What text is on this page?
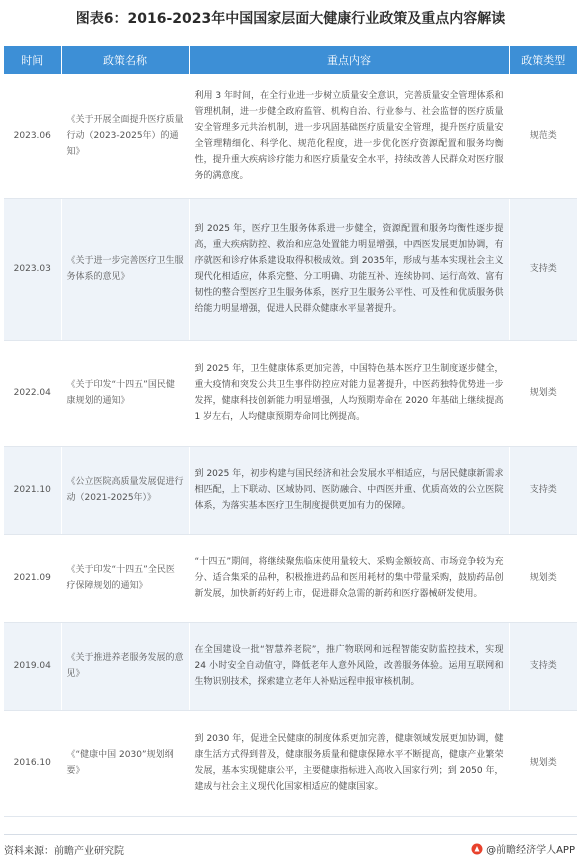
图表6：2016-2023年中国国家层面大健康行业政策及重点内容解读
时间	政策名称	重点内容	政策类型
2023.06	《关于开展全面提升医疗质量行动（2023-2025年）的通知》	利用 3 年时间，在全行业进一步树立质量安全意识，完善质量安全管理体系和管理机制，进一步健全政府监管、机构自治、行业参与、社会监督的医疗质量安全管理多元共治机制，进一步巩固基础医疗质量安全管理，提升医疗质量安全管理精细化、科学化、规范化程度，进一步优化医疗资源配置和服务均衡性，提升重大疾病诊疗能力和医疗质量安全水平，持续改善人民群众对医疗服务的满意度。	规范类
2023.03	《关于进一步完善医疗卫生服务体系的意见》	到 2025 年，医疗卫生服务体系进一步健全，资源配置和服务均衡性逐步提高，重大疾病防控、救治和应急处置能力明显增强，中西医发展更加协调，有序就医和诊疗体系建设取得积极成效。到 2035年，形成与基本实现社会主义现代化相适应，体系完整、分工明确、功能互补、连续协同、运行高效、富有韧性的整合型医疗卫生服务体系，医疗卫生服务公平性、可及性和优质服务供给能力明显增强，促进人民群众健康水平显著提升。	支持类
2022.04	《关于印发“十四五”国民健康规划的通知》	到 2025 年，卫生健康体系更加完善，中国特色基本医疗卫生制度逐步健全，重大疫情和突发公共卫生事件防控应对能力显著提升，中医药独特优势进一步发挥，健康科技创新能力明显增强，人均预期寿命在 2020 年基础上继续提高 1 岁左右，人均健康预期寿命同比例提高。	规划类
2021.10	《公立医院高质量发展促进行动（2021-2025年）》	到 2025 年，初步构建与国民经济和社会发展水平相适应，与居民健康新需求相匹配，上下联动、区域协同、医防融合、中西医并重、优质高效的公立医院体系，为落实基本医疗卫生制度提供更加有力的保障。	支持类
2021.09	《关于印发“十四五”全民医疗保障规划的通知》	“十四五”期间，将继续聚焦临床使用量较大、采购金额较高、市场竞争较为充分、适合集采的品种，积极推进药品和医用耗材的集中带量采购，鼓励药品创新发展，加快新药好药上市，促进群众急需的新药和医疗器械研发使用。	规划类
2019.04	《关于推进养老服务发展的意见》	在全国建设一批“智慧养老院”，推广物联网和远程智能安防监控技术，实现 24 小时安全自动值守，降低老年人意外风险，改善服务体验。运用互联网和生物识别技术，探索建立老年人补贴远程申报审核机制。	支持类
2016.10	《“健康中国 2030”规划纲要》	到 2030 年，促进全民健康的制度体系更加完善，健康领域发展更加协调，健康生活方式得到普及，健康服务质量和健康保障水平不断提高，健康产业繁荣发展，基本实现健康公平，主要健康指标进入高收入国家行列；到 2050 年，建成与社会主义现代化国家相适应的健康国家。	规划类
资料来源：前瞻产业研究院	@前瞻经济学人APP
